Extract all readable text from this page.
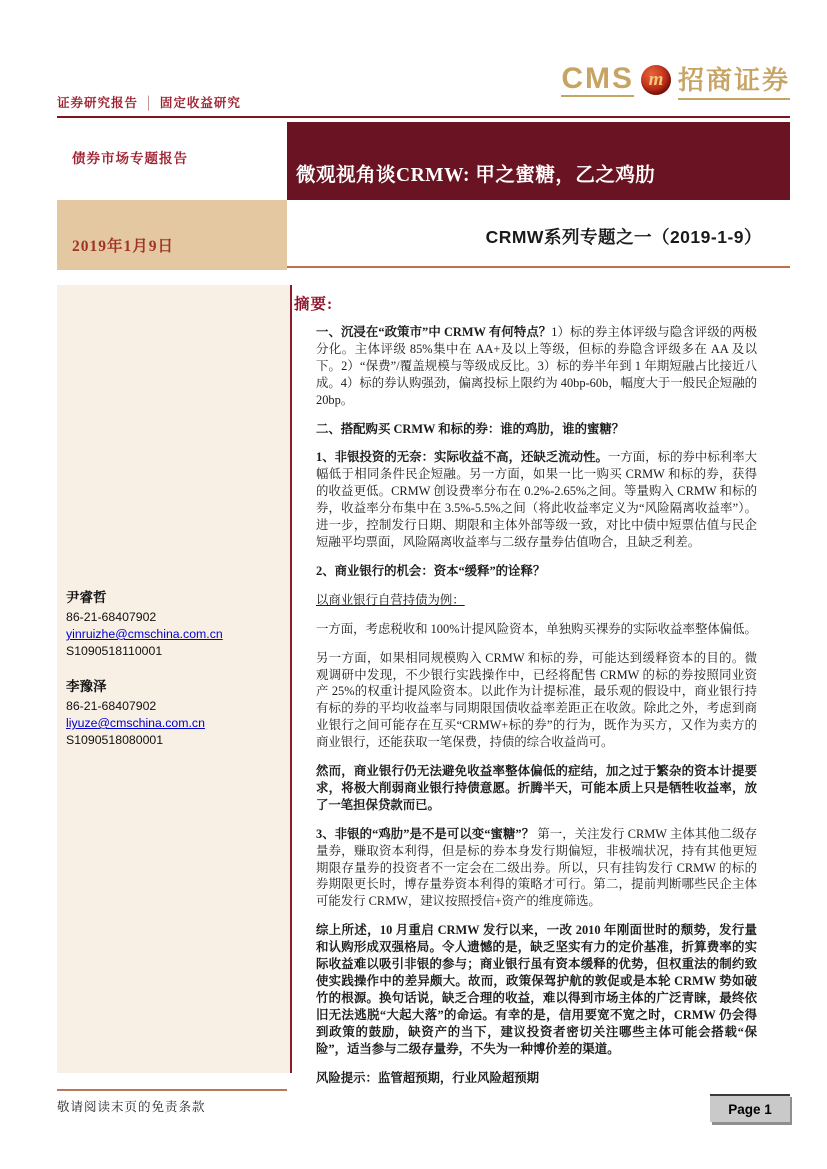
证券研究报告 │ 固定收益研究
CMS m 招商证券
微观视角谈CRMW: 甲之蜜糖，乙之鸡肋
债券市场专题报告
2019年1月9日	CRMW系列专题之一（2019-1-9）
尹睿哲
86-21-68407902
yinruizhe@cmschina.com.cn
S1090518110001
李豫泽
86-21-68407902
liyuze@cmschina.com.cn
S1090518080001
摘要:

一、沉浸在“政策市”中 CRMW 有何特点？1）标的券主体评级与隐含评级的两极分化。主体评级 85%集中在 AA+及以上等级，但标的券隐含评级多在 AA 及以下。2）“保费”/覆盖规模与等级成反比。3）标的券半年到 1 年期短融占比接近八成。4）标的券认购强劲，偏离投标上限约为 40bp-60b，幅度大于一般民企短融的 20bp。

二、搭配购买 CRMW 和标的券：谁的鸡肋，谁的蜜糖？

1、非银投资的无奈：实际收益不高，还缺乏流动性。一方面，标的券中标利率大幅低于相同条件民企短融。另一方面，如果一比一购买 CRMW 和标的券，获得的收益更低。CRMW 创设费率分布在 0.2%-2.65%之间。等量购入 CRMW 和标的券，收益率分布集中在 3.5%-5.5%之间（将此收益率定义为“风险隔离收益率”）。进一步，控制发行日期、期限和主体外部等级一致，对比中债中短票估值与民企短融平均票面，风险隔离收益率与二级存量券估值吻合，且缺乏利差。

2、商业银行的机会：资本“缓释”的诠释？

以商业银行自营持债为例：

一方面，考虑税收和 100%计提风险资本，单独购买裸券的实际收益率整体偏低。

另一方面，如果相同规模购入 CRMW 和标的券，可能达到缓释资本的目的。微观调研中发现，不少银行实践操作中，已经将配售 CRMW 的标的券按照同业资产 25%的权重计提风险资本。以此作为计提标准，最乐观的假设中，商业银行持有标的券的平均收益率与同期限国债收益率差距正在收敛。除此之外，考虑到商业银行之间可能存在互买“CRMW+标的券”的行为，既作为买方，又作为卖方的商业银行，还能获取一笔保费，持债的综合收益尚可。

然而，商业银行仍无法避免收益率整体偏低的症结，加之过于繁杂的资本计提要求，将极大削弱商业银行持债意愿。折腾半天，可能本质上只是牺牲收益率，放了一笔担保贷款而已。

3、非银的“鸡肋”是不是可以变“蜜糖”？ 第一，关注发行 CRMW 主体其他二级存量券，赚取资本利得，但是标的券本身发行期偏短，非极端状况，持有其他更短期限存量券的投资者不一定会在二级出券。所以，只有挂钩发行 CRMW 的标的券期限更长时，博存量券资本利得的策略才可行。第二，提前判断哪些民企主体可能发行 CRMW，建议按照授信+资产的维度筛选。

综上所述，10 月重启 CRMW 发行以来，一改 2010 年刚面世时的颓势，发行量和认购形成双强格局。令人遗憾的是，缺乏坚实有力的定价基准，折算费率的实际收益难以吸引非银的参与；商业银行虽有资本缓释的优势，但权重法的制约致使实践操作中的差异颇大。故而，政策保驾护航的敦促或是本轮 CRMW 势如破竹的根源。换句话说，缺乏合理的收益，难以得到市场主体的广泛青睐，最终依旧无法逃脱“大起大落”的命运。有幸的是，信用要宽不宽之时，CRMW 仍会得到政策的鼓励，缺资产的当下，建议投资者密切关注哪些主体可能会搭载“保险”，适当参与二级存量券，不失为一种博价差的渠道。

风险提示：监管超预期，行业风险超预期

敬请阅读末页的免责条款	Page 1
